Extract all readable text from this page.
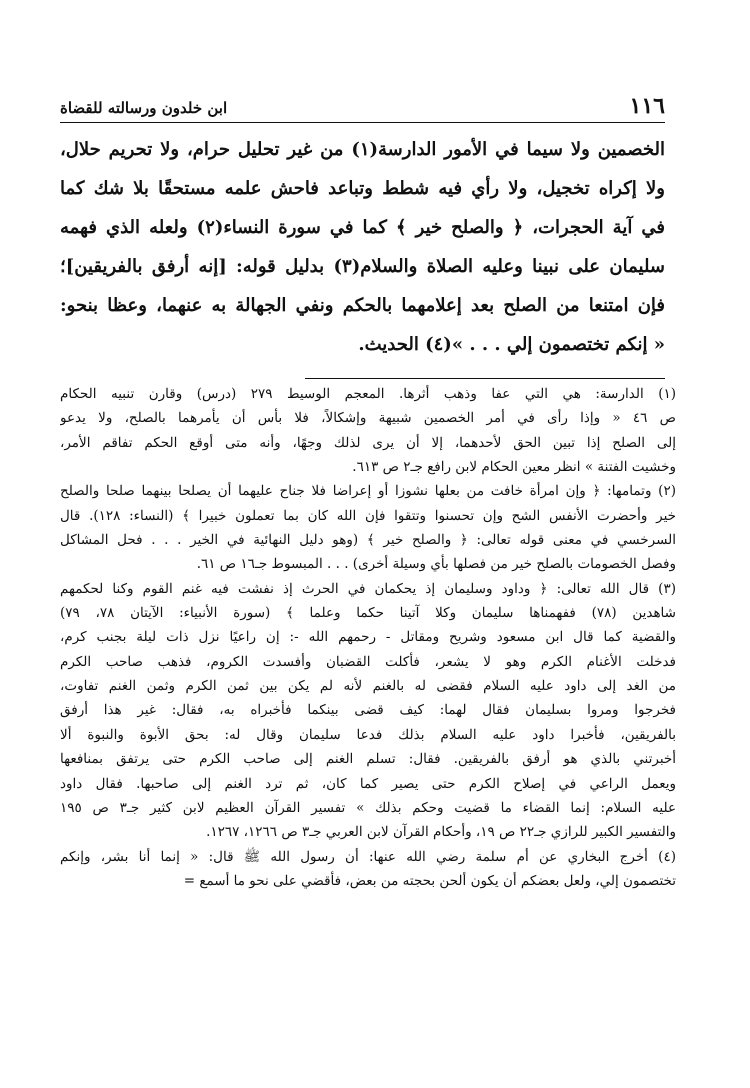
١١٦
ابن خلدون ورسالته للقضاة
الخصمين ولا سيما في الأمور الدارسة(١) من غير تحليل حرام، ولا تحريم حلال،
ولا إكراه تخجيل، ولا رأي فيه شطط وتباعد فاحش علمه مستحقًا بلا شك كما
في آية الحجرات، ﴿ والصلح خير ﴾ كما في سورة النساء(٢) ولعله الذي فهمه
سليمان على نبينا وعليه الصلاة والسلام(٣) بدليل قوله: [إنه أرفق بالفريقين]؛
فإن امتنعا من الصلح بعد إعلامهما بالحكم ونفي الجهالة به عنهما، وعظا بنحو:
« إنكم تختصمون إلي . . . »(٤) الحديث.
(١) الدارسة: هي التي عفا وذهب أثرها. المعجم الوسيط ٢٧٩ (درس) وقارن تنبيه الحكام
ص ٤٦ « وإذا رأى في أمر الخصمين شبيهة وإشكالاً، فلا بأس أن يأمرهما بالصلح، ولا يدعو
إلى الصلح إذا تبين الحق لأحدهما، إلا أن يرى لذلك وجهًا، وأنه متى أوقع الحكم تفاقم الأمر،
وخشيت الفتنة » انظر معين الحكام لابن رافع جـ٢ ص ٦١٣.
(٢) وتمامها: ﴿ وإن امرأة خافت من بعلها نشوزا أو إعراضا فلا جناح عليهما أن يصلحا بينهما صلحا والصلح
خير وأحضرت الأنفس الشح وإن تحسنوا وتتقوا فإن الله كان بما تعملون خبيرا ﴾ (النساء: ١٢٨). قال
السرخسي في معنى قوله تعالى: ﴿ والصلح خير ﴾ (وهو دليل النهائية في الخير . . . فحل المشاكل
وفصل الخصومات بالصلح خير من فصلها بأي وسيلة أخرى) . . . المبسوط جـ١٦ ص ٦١.
(٣) قال الله تعالى: ﴿ وداود وسليمان إذ يحكمان في الحرث إذ نفشت فيه غنم القوم وكنا لحكمهم
شاهدين (٧٨) ففهمناها سليمان وكلا آتينا حكما وعلما ﴾ (سورة الأنبياء: الآيتان ٧٨، ٧٩)
والقضية كما قال ابن مسعود وشريح ومقاتل - رحمهم الله -: إن راعيًا نزل ذات ليلة بجنب كرم،
فدخلت الأغنام الكرم وهو لا يشعر، فأكلت القضبان وأفسدت الكروم، فذهب صاحب الكرم
من الغد إلى داود عليه السلام فقضى له بالغنم لأنه لم يكن بين ثمن الكرم وثمن الغنم تفاوت،
فخرجوا ومروا بسليمان فقال لهما: كيف قضى بينكما فأخبراه به، فقال: غير هذا أرفق
بالفريقين، فأخبرا داود عليه السلام بذلك فدعا سليمان وقال له: بحق الأبوة والنبوة ألا
أخبرتني بالذي هو أرفق بالفريقين. فقال: تسلم الغنم إلى صاحب الكرم حتى يرتفق بمنافعها
ويعمل الراعي في إصلاح الكرم حتى يصير كما كان، ثم ترد الغنم إلى صاحبها. فقال داود
عليه السلام: إنما القضاء ما قضيت وحكم بذلك » تفسير القرآن العظيم لابن كثير جـ٣ ص ١٩٥
والتفسير الكبير للرازي جـ٢٢ ص ١٩، وأحكام القرآن لابن العربي جـ٣ ص ١٢٦٦، ١٢٦٧.
(٤) أخرج البخاري عن أم سلمة رضي الله عنها: أن رسول الله ﷺ قال: « إنما أنا بشر، وإنكم
تختصمون إلي، ولعل بعضكم أن يكون ألحن بحجته من بعض، فأقضي على نحو ما أسمع =
